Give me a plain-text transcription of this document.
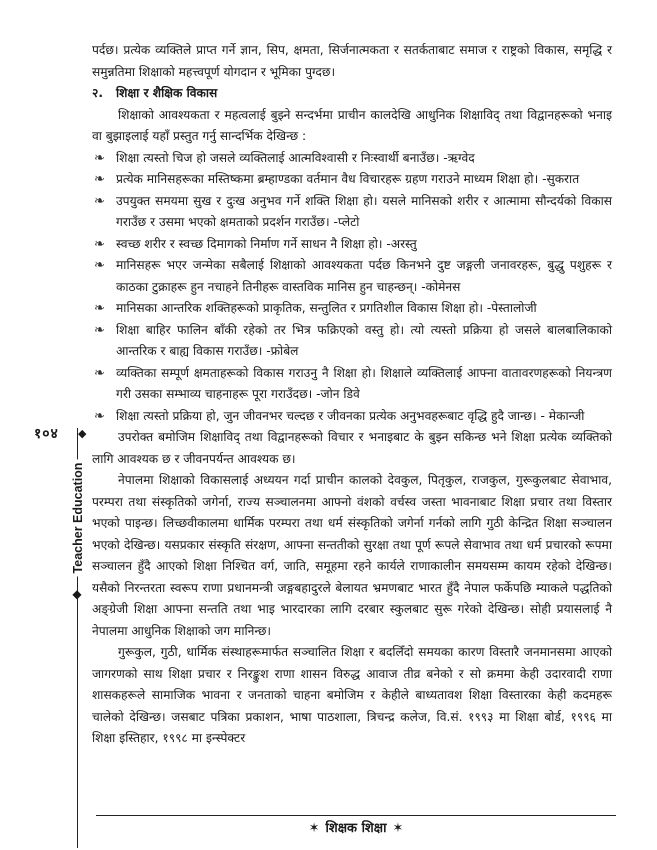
पर्दछ। प्रत्येक व्यक्तिले प्राप्त गर्ने ज्ञान, सिप, क्षमता, सिर्जनात्मकता र सतर्कताबाट समाज र राष्ट्रको विकास, समृद्धि र समुन्नतिमा शिक्षाको महत्त्वपूर्ण योगदान र भूमिका पुग्दछ।

२. शिक्षा र शैक्षिक विकास

शिक्षाको आवश्यकता र महत्वलाई बुझ्ने सन्दर्भमा प्राचीन कालदेखि आधुनिक शिक्षाविद् तथा विद्वानहरूको भनाइ वा बुझाइलाई यहाँ प्रस्तुत गर्नु सान्दर्भिक देखिन्छ :

❧ शिक्षा त्यस्तो चिज हो जसले व्यक्तिलाई आत्मविश्वासी र निःस्वार्थी बनाउँछ। -ऋग्वेद
❧ प्रत्येक मानिसहरूका मस्तिष्कमा ब्रम्हाण्डका वर्तमान वैध विचारहरू ग्रहण गराउने माध्यम शिक्षा हो। -सुकरात
❧ उपयुक्त समयमा सुख र दुःख अनुभव गर्ने शक्ति शिक्षा हो। यसले मानिसको शरीर र आत्मामा सौन्दर्यको विकास गराउँछ र उसमा भएको क्षमताको प्रदर्शन गराउँछ। -प्लेटो
❧ स्वच्छ शरीर र स्वच्छ दिमागको निर्माण गर्ने साधन नै शिक्षा हो। -अरस्तु
❧ मानिसहरू भएर जन्मेका सबैलाई शिक्षाको आवश्यकता पर्दछ किनभने दुष्ट जङ्गली जनावरहरू, बुद्धु पशुहरू र काठका टुक्राहरू हुन नचाहने तिनीहरू वास्तविक मानिस हुन चाहन्छन्। -कोमेनस
❧ मानिसका आन्तरिक शक्तिहरूको प्राकृतिक, सन्तुलित र प्रगतिशील विकास शिक्षा हो। -पेस्तालोजी
❧ शिक्षा बाहिर फालिन बाँकी रहेको तर भित्र फक्रिएको वस्तु हो। त्यो त्यस्तो प्रक्रिया हो जसले बालबालिकाको आन्तरिक र बाह्य विकास गराउँछ। -फ्रोबेल
❧ व्यक्तिका सम्पूर्ण क्षमताहरूको विकास गराउनु नै शिक्षा हो। शिक्षाले व्यक्तिलाई आफ्ना वातावरणहरूको नियन्त्रण गरी उसका सम्भाव्य चाहनाहरू पूरा गराउँदछ। -जोन डिवे
❧ शिक्षा त्यस्तो प्रक्रिया हो, जुन जीवनभर चल्दछ र जीवनका प्रत्येक अनुभवहरूबाट वृद्धि हुदै जान्छ। - मेकान्जी

उपरोक्त बमोजिम शिक्षाविद् तथा विद्वानहरूको विचार र भनाइबाट के बुझ्न सकिन्छ भने शिक्षा प्रत्येक व्यक्तिको लागि आवश्यक छ र जीवनपर्यन्त आवश्यक छ।

नेपालमा शिक्षाको विकासलाई अध्ययन गर्दा प्राचीन कालको देवकुल, पितृकुल, राजकुल, गुरूकुलबाट सेवाभाव, परम्परा तथा संस्कृतिको जगेर्ना, राज्य सञ्चालनमा आफ्नो वंशको वर्चस्व जस्ता भावनाबाट शिक्षा प्रचार तथा विस्तार भएको पाइन्छ। लिच्छवीकालमा धार्मिक परम्परा तथा धर्म संस्कृतिको जगेर्ना गर्नको लागि गुठी केन्द्रित शिक्षा सञ्चालन भएको देखिन्छ। यसप्रकार संस्कृति संरक्षण, आफ्ना सन्ततीको सुरक्षा तथा पूर्ण रूपले सेवाभाव तथा धर्म प्रचारको रूपमा सञ्चालन हुँदै आएको शिक्षा निश्चित वर्ग, जाति, समूहमा रहने कार्यले राणाकालीन समयसम्म कायम रहेको देखिन्छ। यसैको निरन्तरता स्वरूप राणा प्रधानमन्त्री जङ्गबहादुरले बेलायत भ्रमणबाट भारत हुँदै नेपाल फर्केपछि म्याकले पद्धतिको अङ्ग्रेजी शिक्षा आफ्ना सन्तति तथा भाइ भारदारका लागि दरबार स्कुलबाट सुरू गरेको देखिन्छ। सोही प्रयासलाई नै नेपालमा आधुनिक शिक्षाको जग मानिन्छ।

गुरूकुल, गुठी, धार्मिक संस्थाहरूमार्फत सञ्चालित शिक्षा र बदलिँदो समयका कारण विस्तारै जनमानसमा आएको जागरणको साथ शिक्षा प्रचार र निरङ्कुश राणा शासन विरुद्ध आवाज तीव्र बनेको र सो क्रममा केही उदारवादी राणा शासकहरूले सामाजिक भावना र जनताको चाहना बमोजिम र केहीले बाध्यतावश शिक्षा विस्तारका केही कदमहरू चालेको देखिन्छ। जसबाट पत्रिका प्रकाशन, भाषा पाठशाला, त्रिचन्द्र कलेज, वि.सं. १९९३ मा शिक्षा बोर्ड, १९९६ मा शिक्षा इस्तिहार, १९९८ मा इन्स्पेक्टर

१०४ ◆
Teacher Education
◆
✶ शिक्षक शिक्षा ✶
